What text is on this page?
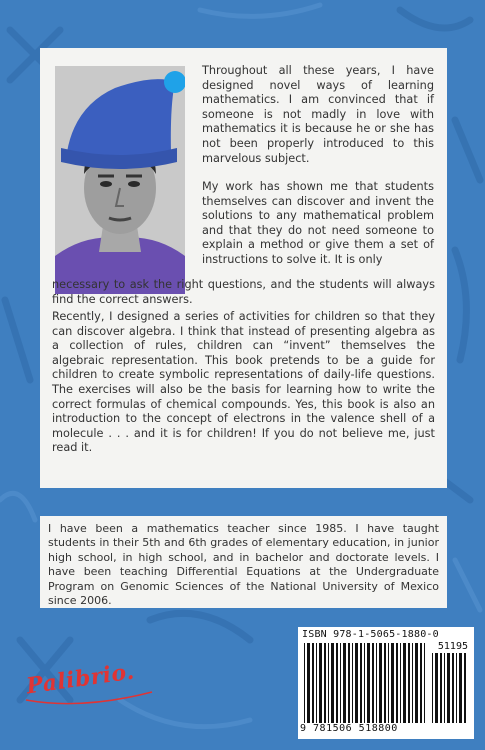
Throughout all these years, I have designed novel ways of learning mathematics. I am convinced that if someone is not madly in love with mathematics it is because he or she has not been properly introduced to this marvelous subject.

My work has shown me that students themselves can discover and invent the solutions to any mathematical problem and that they do not need someone to explain a method or give them a set of instructions to solve it. It is only

necessary to ask the right questions, and the students will always find the correct answers.

Recently, I designed a series of activities for children so that they can discover algebra. I think that instead of presenting algebra as a collection of rules, children can “invent” themselves the algebraic representation. This book pretends to be a guide for children to create symbolic representations of daily-life questions. The exercises will also be the basis for learning how to write the correct formulas of chemical compounds. Yes, this book is also an introduction to the concept of electrons in the valence shell of a molecule . . . and it is for children! If you do not believe me, just read it.

I have been a mathematics teacher since 1985. I have taught students in their 5th and 6th grades of elementary education, in junior high school, in high school, and in bachelor and doctorate levels. I have been teaching Differential Equations at the Undergraduate Program on Genomic Sciences of the National University of Mexico since 2006.

Palibrio.
ISBN 978-1-5065-1880-0
51195
9 781506 518800
